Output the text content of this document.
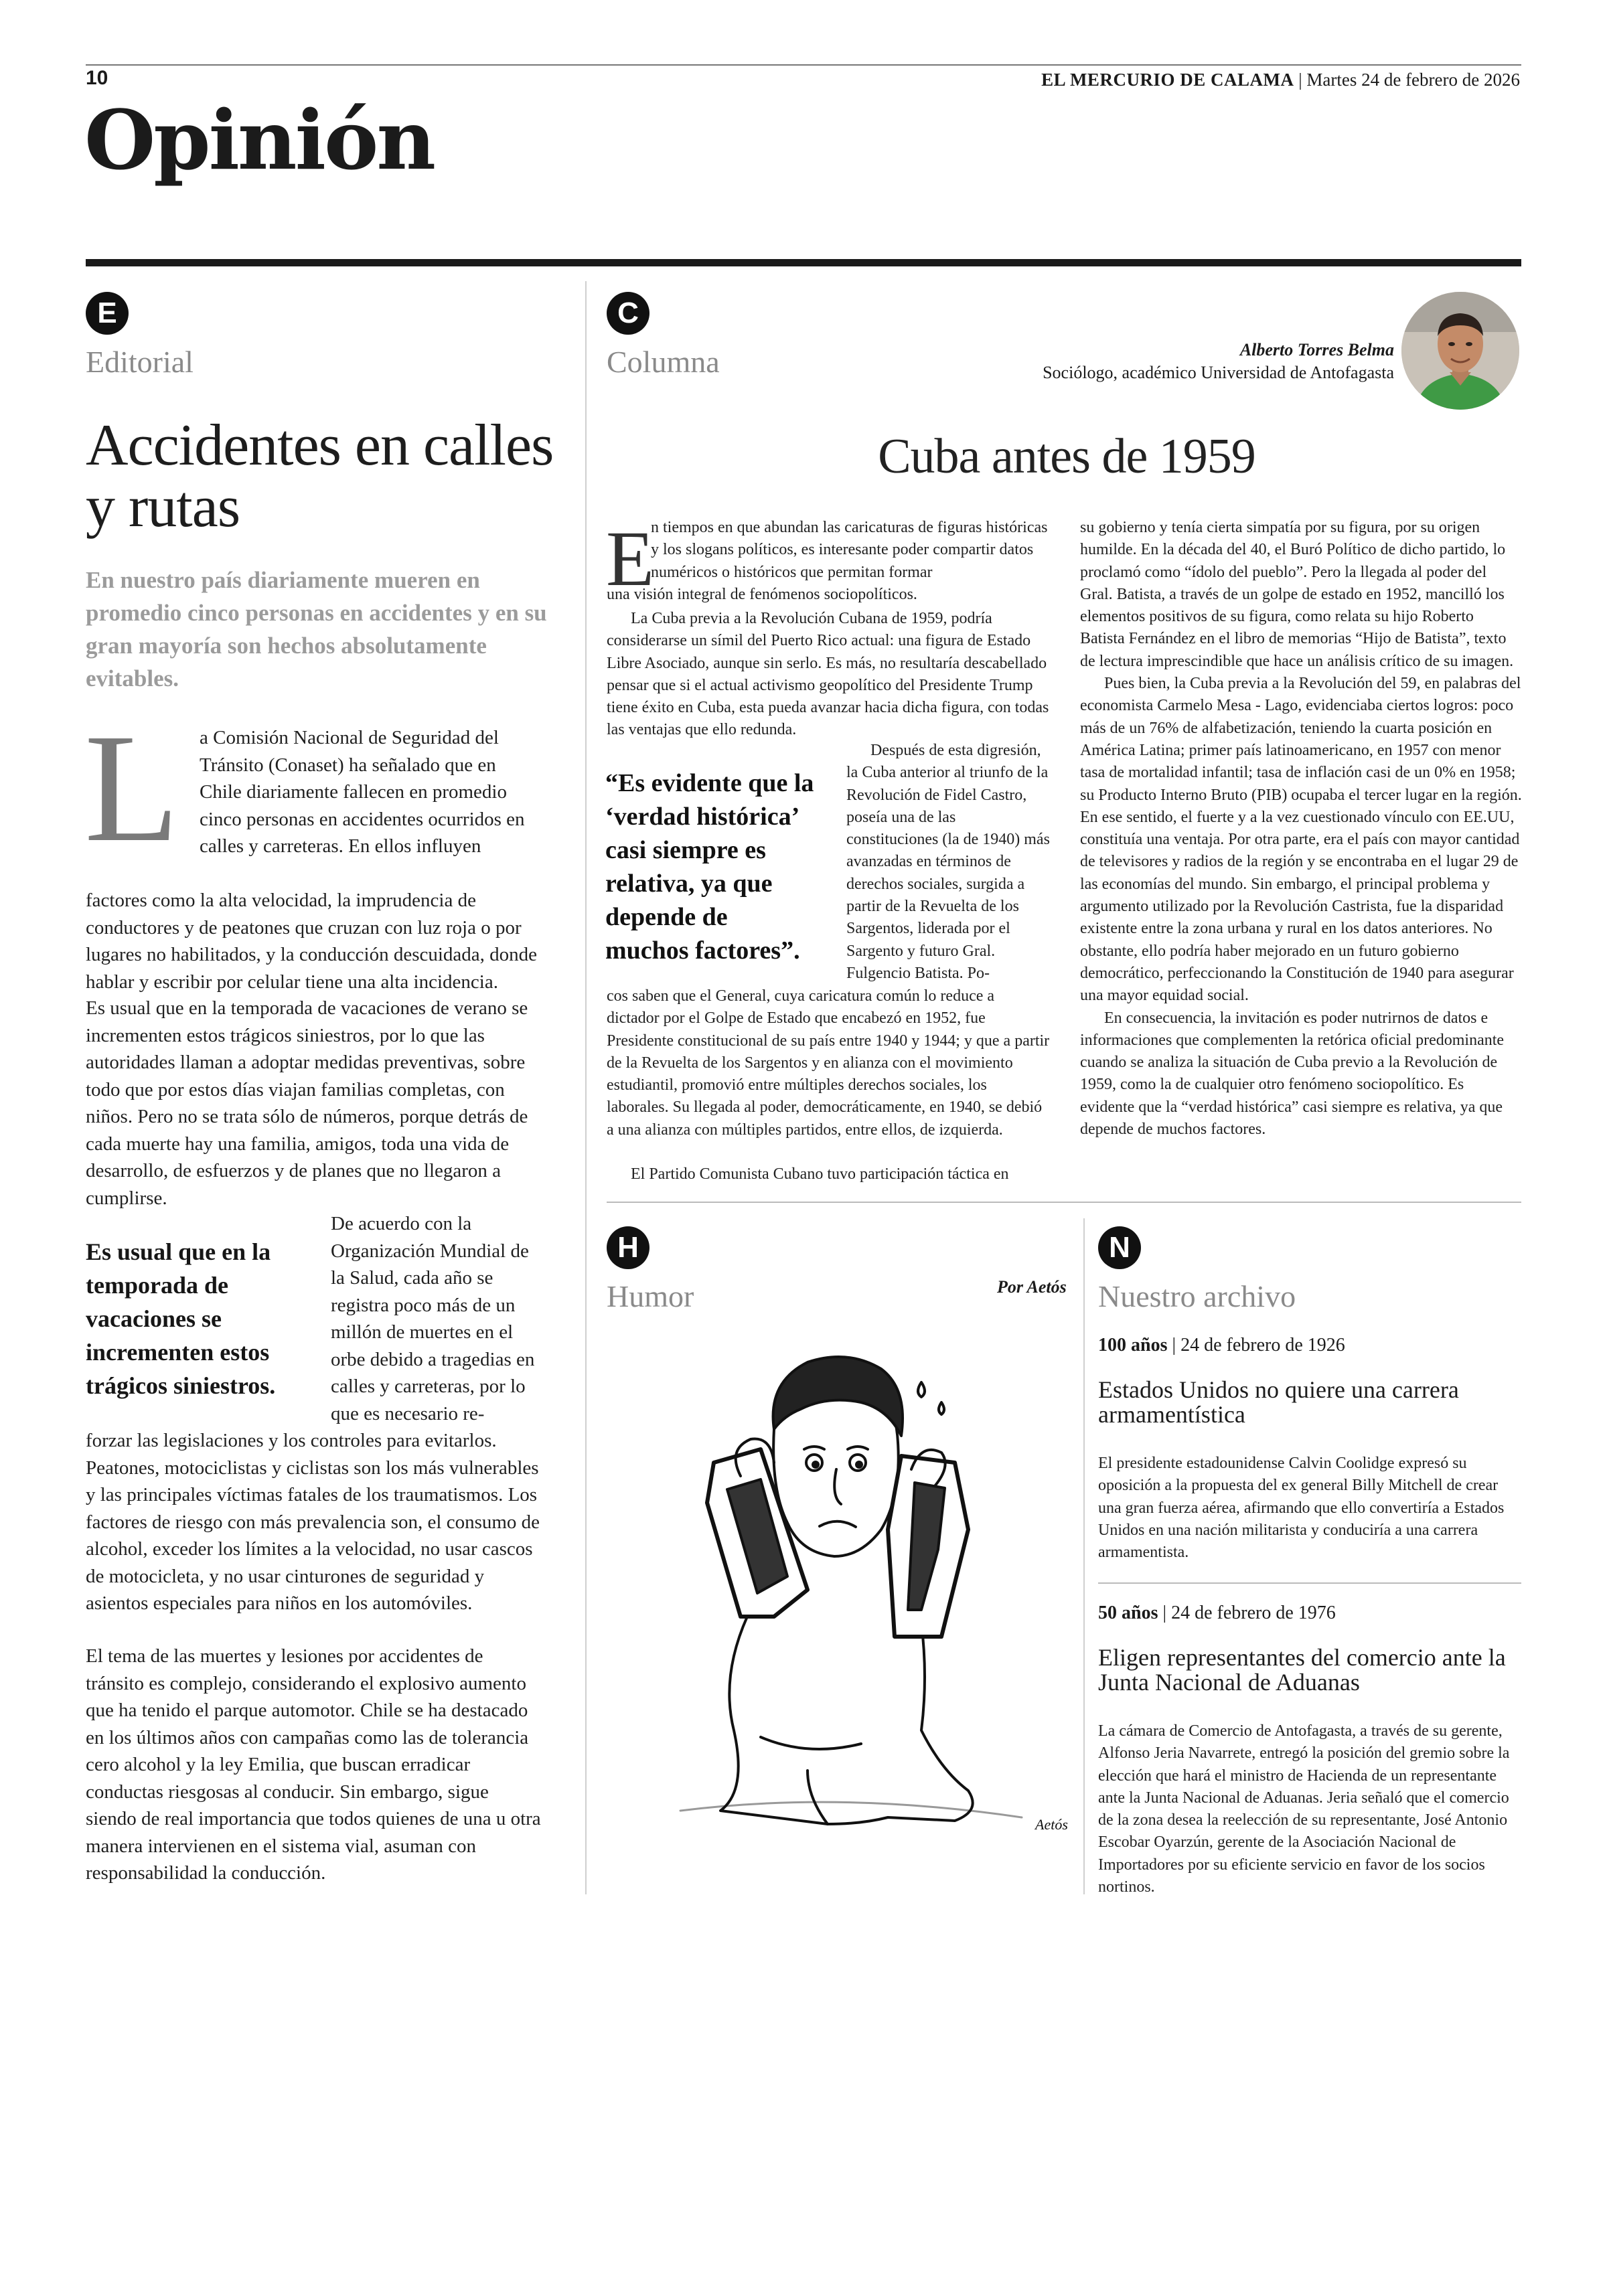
10	EL MERCURIO DE CALAMA | Martes 24 de febrero de 2026
Opinión
E
Editorial
Accidentes en calles y rutas
En nuestro país diariamente mueren en promedio cinco personas en accidentes y en su gran mayoría son hechos absolutamente evitables.
L a Comisión Nacional de Seguridad del Tránsito (Conaset) ha señalado que en Chile diariamente fallecen en promedio cinco personas en accidentes ocurridos en calles y carreteras. En ellos influyen
factores como la alta velocidad, la imprudencia de conductores y de peatones que cruzan con luz roja o por lugares no habilitados, y la conducción descuidada, donde hablar y escribir por celular tiene una alta incidencia.
Es usual que en la temporada de vacaciones de verano se incrementen estos trágicos siniestros, por lo que las autoridades llaman a adoptar medidas preventivas, sobre todo que por estos días viajan familias completas, con niños. Pero no se trata sólo de números, porque detrás de cada muerte hay una familia, amigos, toda una vida de desarrollo, de esfuerzos y de planes que no llegaron a cumplirse.
Es usual que en la temporada de vacaciones se incrementen estos trágicos siniestros.
De acuerdo con la Organización Mundial de la Salud, cada año se registra poco más de un millón de muertes en el orbe debido a tragedias en calles y carreteras, por lo que es necesario re-
forzar las legislaciones y los controles para evitarlos. Peatones, motociclistas y ciclistas son los más vulnerables y las principales víctimas fatales de los traumatismos. Los factores de riesgo con más prevalencia son, el consumo de alcohol, exceder los límites a la velocidad, no usar cascos de motocicleta, y no usar cinturones de seguridad y asientos especiales para niños en los automóviles.
El tema de las muertes y lesiones por accidentes de tránsito es complejo, considerando el explosivo aumento que ha tenido el parque automotor. Chile se ha destacado en los últimos años con campañas como las de tolerancia cero alcohol y la ley Emilia, que buscan erradicar conductas riesgosas al conducir. Sin embargo, sigue siendo de real importancia que todos quienes de una u otra manera intervienen en el sistema vial, asuman con responsabilidad la conducción.
C
Columna	Alberto Torres Belma
Sociólogo, académico Universidad de Antofagasta
Cuba antes de 1959
E
n tiempos en que abundan las caricaturas de figuras históricas y los slogans políticos, es interesante poder compartir datos numéricos o históricos que permitan formar
una visión integral de fenómenos sociopolíticos.
La Cuba previa a la Revolución Cubana de 1959, podría considerarse un símil del Puerto Rico actual: una figura de Estado Libre Asociado, aunque sin serlo. Es más, no resultaría descabellado pensar que si el actual activismo geopolítico del Presidente Trump tiene éxito en Cuba, esta pueda avanzar hacia dicha figura, con todas las ventajas que ello redunda.
“Es evidente que la ‘verdad histórica’ casi siempre es relativa, ya que depende de muchos factores”.
Después de esta digresión, la Cuba anterior al triunfo de la Revolución de Fidel Castro, poseía una de las constituciones (la de 1940) más avanzadas en términos de derechos sociales, surgida a partir de la Revuelta de los Sargentos, liderada por el Sargento y futuro Gral. Fulgencio Batista. Po-
cos saben que el General, cuya caricatura común lo reduce a dictador por el Golpe de Estado que encabezó en 1952, fue Presidente constitucional de su país entre 1940 y 1944; y que a partir de la Revuelta de los Sargentos y en alianza con el movimiento estudiantil, promovió entre múltiples derechos sociales, los laborales. Su llegada al poder, democráticamente, en 1940, se debió a una alianza con múltiples partidos, entre ellos, de izquierda.
El Partido Comunista Cubano tuvo participación táctica en
su gobierno y tenía cierta simpatía por su figura, por su origen humilde. En la década del 40, el Buró Político de dicho partido, lo proclamó como “ídolo del pueblo”. Pero la llegada al poder del Gral. Batista, a través de un golpe de estado en 1952, mancilló los elementos positivos de su figura, como relata su hijo Roberto Batista Fernández en el libro de memorias “Hijo de Batista”, texto de lectura imprescindible que hace un análisis crítico de su imagen.
Pues bien, la Cuba previa a la Revolución del 59, en palabras del economista Carmelo Mesa - Lago, evidenciaba ciertos logros: poco más de un 76% de alfabetización, teniendo la cuarta posición en América Latina; primer país latinoamericano, en 1957 con menor tasa de mortalidad infantil; tasa de inflación casi de un 0% en 1958; su Producto Interno Bruto (PIB) ocupaba el tercer lugar en la región. En ese sentido, el fuerte y a la vez cuestionado vínculo con EE.UU, constituía una ventaja. Por otra parte, era el país con mayor cantidad de televisores y radios de la región y se encontraba en el lugar 29 de las economías del mundo. Sin embargo, el principal problema y argumento utilizado por la Revolución Castrista, fue la disparidad existente entre la zona urbana y rural en los datos anteriores. No obstante, ello podría haber mejorado en un futuro gobierno democrático, perfeccionando la Constitución de 1940 para asegurar una mayor equidad social.
En consecuencia, la invitación es poder nutrirnos de datos e informaciones que complementen la retórica oficial predominante cuando se analiza la situación de Cuba previo a la Revolución de 1959, como la de cualquier otro fenómeno sociopolítico. Es evidente que la “verdad histórica” casi siempre es relativa, ya que depende de muchos factores.
H
Humor	Por Aetós
Aetós
N
Nuestro archivo
100 años | 24 de febrero de 1926
Estados Unidos no quiere una carrera armamentística
El presidente estadounidense Calvin Coolidge expresó su oposición a la propuesta del ex general Billy Mitchell de crear una gran fuerza aérea, afirmando que ello convertiría a Estados Unidos en una nación militarista y conduciría a una carrera armamentista.
50 años | 24 de febrero de 1976
Eligen representantes del comercio ante la Junta Nacional de Aduanas
La cámara de Comercio de Antofagasta, a través de su gerente, Alfonso Jeria Navarrete, entregó la posición del gremio sobre la elección que hará el ministro de Hacienda de un representante ante la Junta Nacional de Aduanas. Jeria señaló que el comercio de la zona desea la reelección de su representante, José Antonio Escobar Oyarzún, gerente de la Asociación Nacional de Importadores por su eficiente servicio en favor de los socios nortinos.
